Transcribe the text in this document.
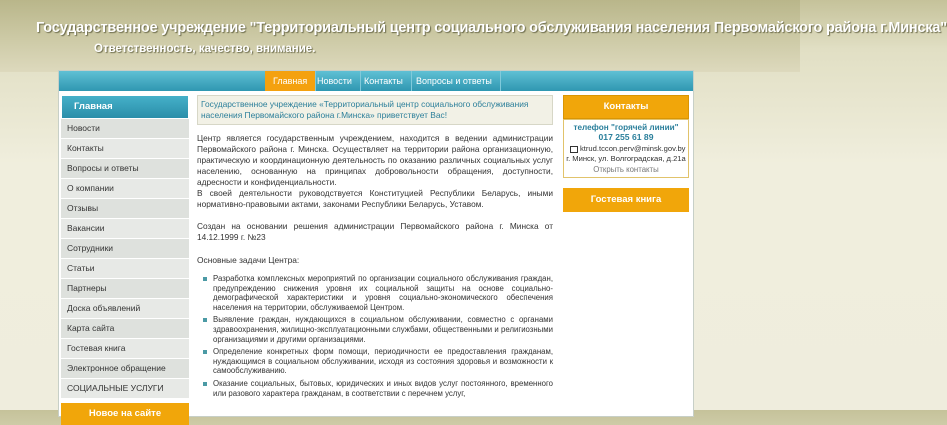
Государственное учреждение "Территориальный центр социального обслуживания населения Первомайского района г.Минска"
Ответственность, качество, внимание.
Главная	Новости	Контакты	Вопросы и ответы
Главная
Новости
Контакты
Вопросы и ответы
О компании
Отзывы
Вакансии
Сотрудники
Статьи
Партнеры
Доска объявлений
Карта сайта
Гостевая книга
Электронное обращение
СОЦИАЛЬНЫЕ УСЛУГИ
Новое на сайте
Государственное учреждение «Территориальный центр социального обслуживания населения Первомайского района г.Минска» приветствует Вас!
Центр является государственным учреждением, находится в ведении администрации Первомайского района г. Минска. Осуществляет на территории района организационную, практическую и координационную деятельность по оказанию различных социальных услуг населению, основанную на принципах добровольности обращения, доступности, адресности и конфиденциальности.
В своей деятельности руководствуется Конституцией Республики Беларусь, иными нормативно-правовыми актами, законами Республики Беларусь, Уставом.
Создан на основании решения администрации Первомайского района г. Минска от 14.12.1999 г. №23
Основные задачи Центра:
Разработка комплексных мероприятий по организации социального обслуживания граждан, предупреждению снижения уровня их социальной защиты на основе социально-демографической характеристики и уровня социально-экономического обеспечения населения на территории, обслуживаемой Центром.
Выявление граждан, нуждающихся в социальном обслуживании, совместно с органами здравоохранения, жилищно-эксплуатационными службами, общественными и религиозными организациями и другими организациями.
Определение конкретных форм помощи, периодичности ее предоставления гражданам, нуждающимся в социальном обслуживании, исходя из состояния здоровья и возможности к самообслуживанию.
Оказание социальных, бытовых, юридических и иных видов услуг постоянного, временного или разового характера гражданам, в соответствии с перечнем услуг,
Контакты
телефон "горячей линии"
017 255 61 89
ktrud.tccon.perv@minsk.gov.by
г. Минск, ул. Волгоградская, д.21а
Открыть контакты
Гостевая книга
